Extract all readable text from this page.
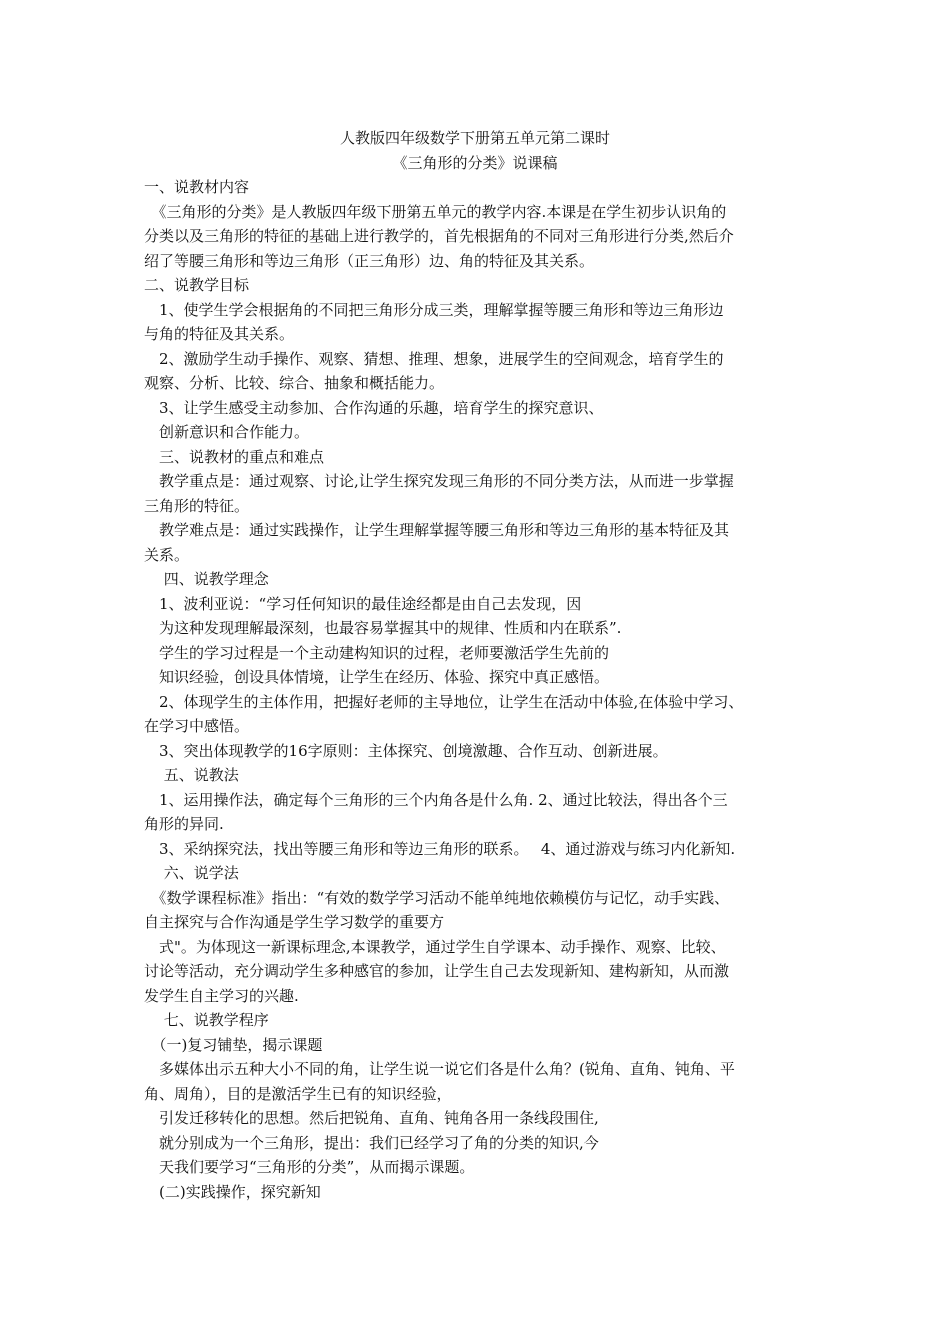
人教版四年级数学下册第五单元第二课时
《三角形的分类》说课稿
一、说教材内容
　《三角形的分类》是人教版四年级下册第五单元的教学内容.本课是在学生初步认识角的
分类以及三角形的特征的基础上进行教学的，首先根据角的不同对三角形进行分类,然后介
绍了等腰三角形和等边三角形（正三角形）边、角的特征及其关系。
二、说教学目标
　1、使学生学会根据角的不同把三角形分成三类，理解掌握等腰三角形和等边三角形边
与角的特征及其关系。
　2、激励学生动手操作、观察、猜想、推理、想象，进展学生的空间观念，培育学生的
观察、分析、比较、综合、抽象和概括能力。
　3、让学生感受主动参加、合作沟通的乐趣，培育学生的探究意识、
　创新意识和合作能力。
　三、说教材的重点和难点
　教学重点是：通过观察、讨论,让学生探究发现三角形的不同分类方法，从而进一步掌握
三角形的特征。
　教学难点是：通过实践操作，让学生理解掌握等腰三角形和等边三角形的基本特征及其
关系。
　 四、说教学理念
　1、波利亚说：“学习任何知识的最佳途经都是由自己去发现，因
　为这种发现理解最深刻，也最容易掌握其中的规律、性质和内在联系”.
　学生的学习过程是一个主动建构知识的过程，老师要激活学生先前的
　知识经验，创设具体情境，让学生在经历、体验、探究中真正感悟。
　2、体现学生的主体作用，把握好老师的主导地位，让学生在活动中体验,在体验中学习、
在学习中感悟。
　3、突出体现教学的16字原则：主体探究、创境激趣、合作互动、创新进展。
　 五、说教法
　1、运用操作法，确定每个三角形的三个内角各是什么角. 2、通过比较法，得出各个三
角形的异同.
　3、采纳探究法，找出等腰三角形和等边三角形的联系。　 4、通过游戏与练习内化新知.
　 六、说学法
　《数学课程标准》指出：“有效的数学学习活动不能单纯地依赖模仿与记忆，动手实践、
自主探究与合作沟通是学生学习数学的重要方
　式"。为体现这一新课标理念,本课教学，通过学生自学课本、动手操作、观察、比较、
讨论等活动，充分调动学生多种感官的参加，让学生自己去发现新知、建构新知，从而激
发学生自主学习的兴趣.
　 七、说教学程序
　（一)复习铺垫，揭示课题
　多媒体出示五种大小不同的角，让学生说一说它们各是什么角？(锐角、直角、钝角、平
角、周角），目的是激活学生已有的知识经验，
　引发迁移转化的思想。然后把锐角、直角、钝角各用一条线段围住,
　就分别成为一个三角形，提出：我们已经学习了角的分类的知识,今
　天我们要学习“三角形的分类”，从而揭示课题。
　(二)实践操作，探究新知
